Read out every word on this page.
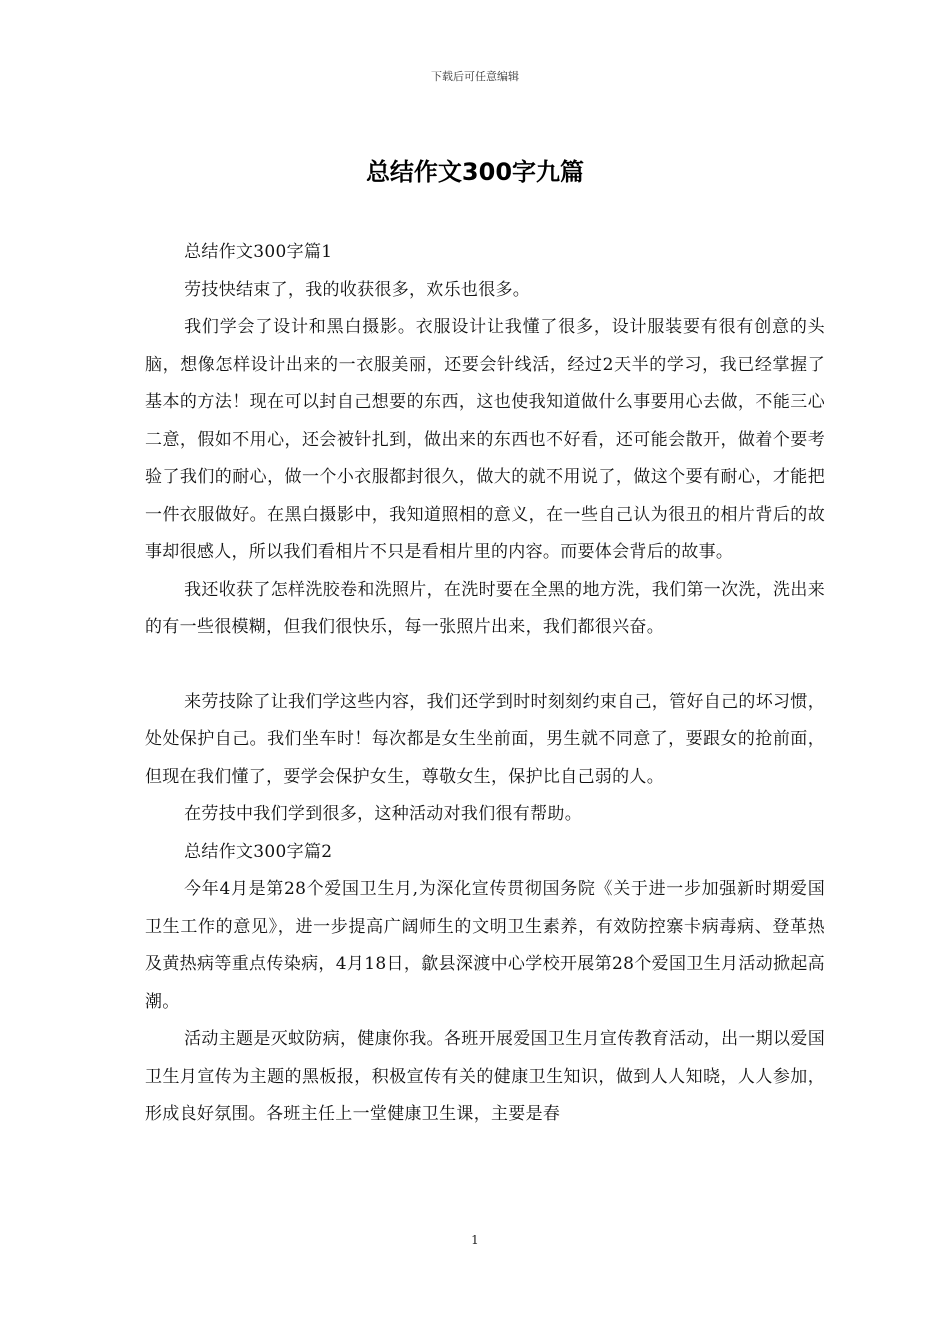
下载后可任意编辑
总结作文300字九篇

总结作文300字篇1

劳技快结束了，我的收获很多，欢乐也很多。

我们学会了设计和黑白摄影。衣服设计让我懂了很多，设计服装要有很有创意的头脑，想像怎样设计出来的一衣服美丽，还要会针线活，经过2天半的学习，我已经掌握了基本的方法！现在可以封自己想要的东西，这也使我知道做什么事要用心去做，不能三心二意，假如不用心，还会被针扎到，做出来的东西也不好看，还可能会散开，做着个要考验了我们的耐心，做一个小衣服都封很久，做大的就不用说了，做这个要有耐心，才能把一件衣服做好。在黑白摄影中，我知道照相的意义，在一些自己认为很丑的相片背后的故事却很感人，所以我们看相片不只是看相片里的内容。而要体会背后的故事。

我还收获了怎样洗胶卷和洗照片，在洗时要在全黑的地方洗，我们第一次洗，洗出来的有一些很模糊，但我们很快乐，每一张照片出来，我们都很兴奋。

来劳技除了让我们学这些内容，我们还学到时时刻刻约束自己，管好自己的坏习惯，处处保护自己。我们坐车时！每次都是女生坐前面，男生就不同意了，要跟女的抢前面，但现在我们懂了，要学会保护女生，尊敬女生，保护比自己弱的人。

在劳技中我们学到很多，这种活动对我们很有帮助。

总结作文300字篇2

今年4月是第28个爱国卫生月,为深化宣传贯彻国务院《关于进一步加强新时期爱国卫生工作的意见》，进一步提高广阔师生的文明卫生素养，有效防控寨卡病毒病、登革热及黄热病等重点传染病，4月18日，歙县深渡中心学校开展第28个爱国卫生月活动掀起高潮。

活动主题是灭蚊防病，健康你我。各班开展爱国卫生月宣传教育活动，出一期以爱国卫生月宣传为主题的黑板报，积极宣传有关的健康卫生知识，做到人人知晓，人人参加，形成良好氛围。各班主任上一堂健康卫生课，主要是春

1
